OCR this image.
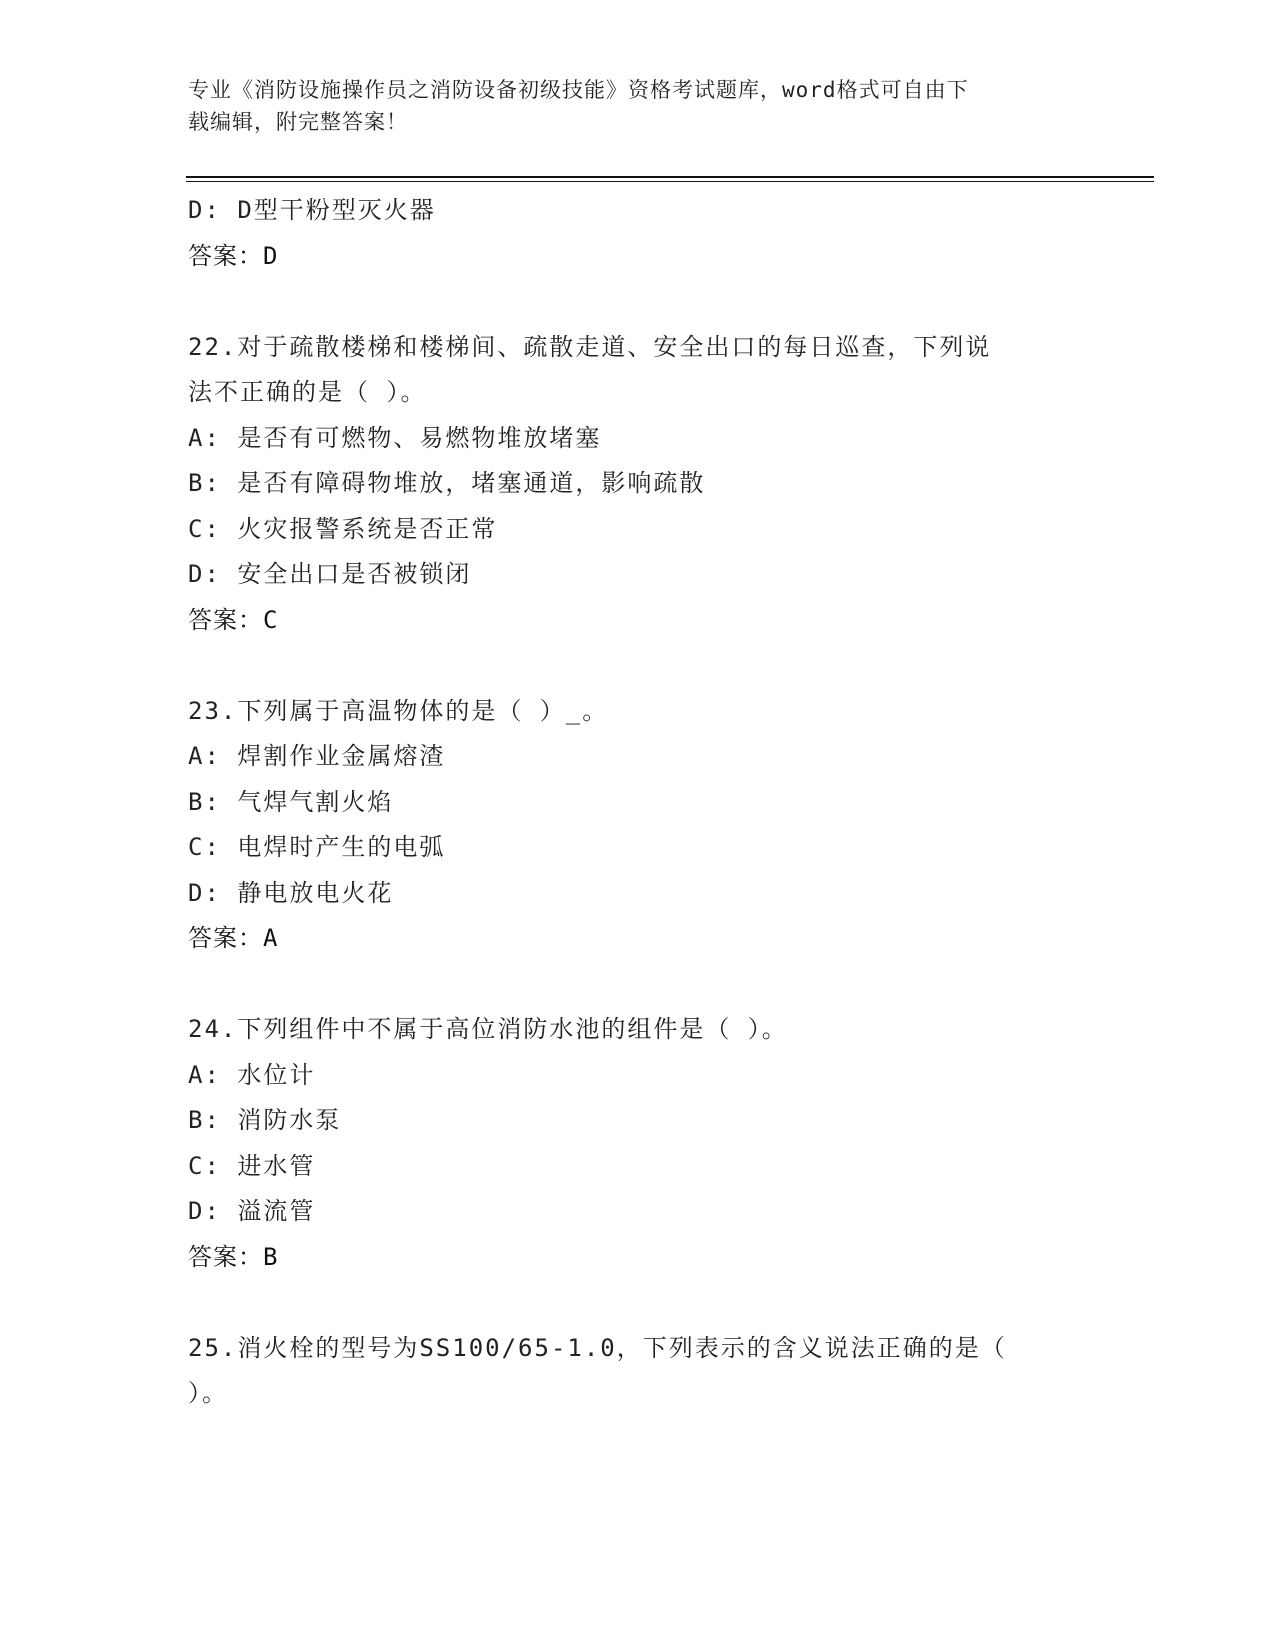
专业《消防设施操作员之消防设备初级技能》资格考试题库，word格式可自由下
载编辑，附完整答案！
D: D型干粉型灭火器
答案：D
22.对于疏散楼梯和楼梯间、疏散走道、安全出口的每日巡查，下列说
法不正确的是（ ）。
A: 是否有可燃物、易燃物堆放堵塞
B: 是否有障碍物堆放，堵塞通道，影响疏散
C: 火灾报警系统是否正常
D: 安全出口是否被锁闭
答案：C
23.下列属于高温物体的是（ ）_。
A: 焊割作业金属熔渣
B: 气焊气割火焰
C: 电焊时产生的电弧
D: 静电放电火花
答案：A
24.下列组件中不属于高位消防水池的组件是（ ）。
A: 水位计
B: 消防水泵
C: 进水管
D: 溢流管
答案：B
25.消火栓的型号为SS100/65-1.0，下列表示的含义说法正确的是（
）。
